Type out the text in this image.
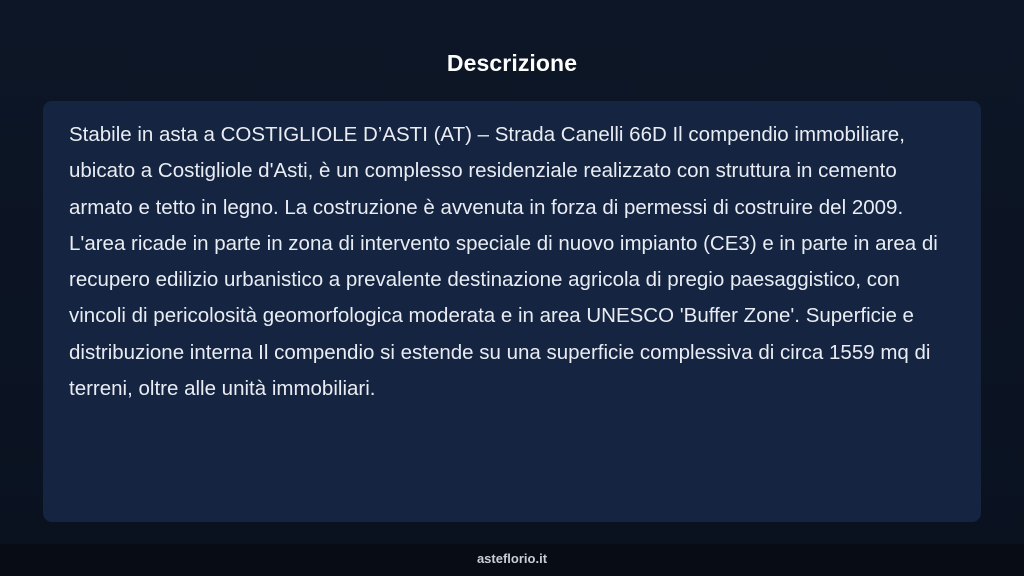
Descrizione

Stabile in asta a COSTIGLIOLE D’ASTI (AT) – Strada Canelli 66D Il compendio immobiliare, ubicato a Costigliole d'Asti, è un complesso residenziale realizzato con struttura in cemento armato e tetto in legno. La costruzione è avvenuta in forza di permessi di costruire del 2009. L'area ricade in parte in zona di intervento speciale di nuovo impianto (CE3) e in parte in area di recupero edilizio urbanistico a prevalente destinazione agricola di pregio paesaggistico, con vincoli di pericolosità geomorfologica moderata e in area UNESCO 'Buffer Zone'. Superficie e distribuzione interna Il compendio si estende su una superficie complessiva di circa 1559 mq di terreni, oltre alle unità immobiliari.

asteflorio.it
